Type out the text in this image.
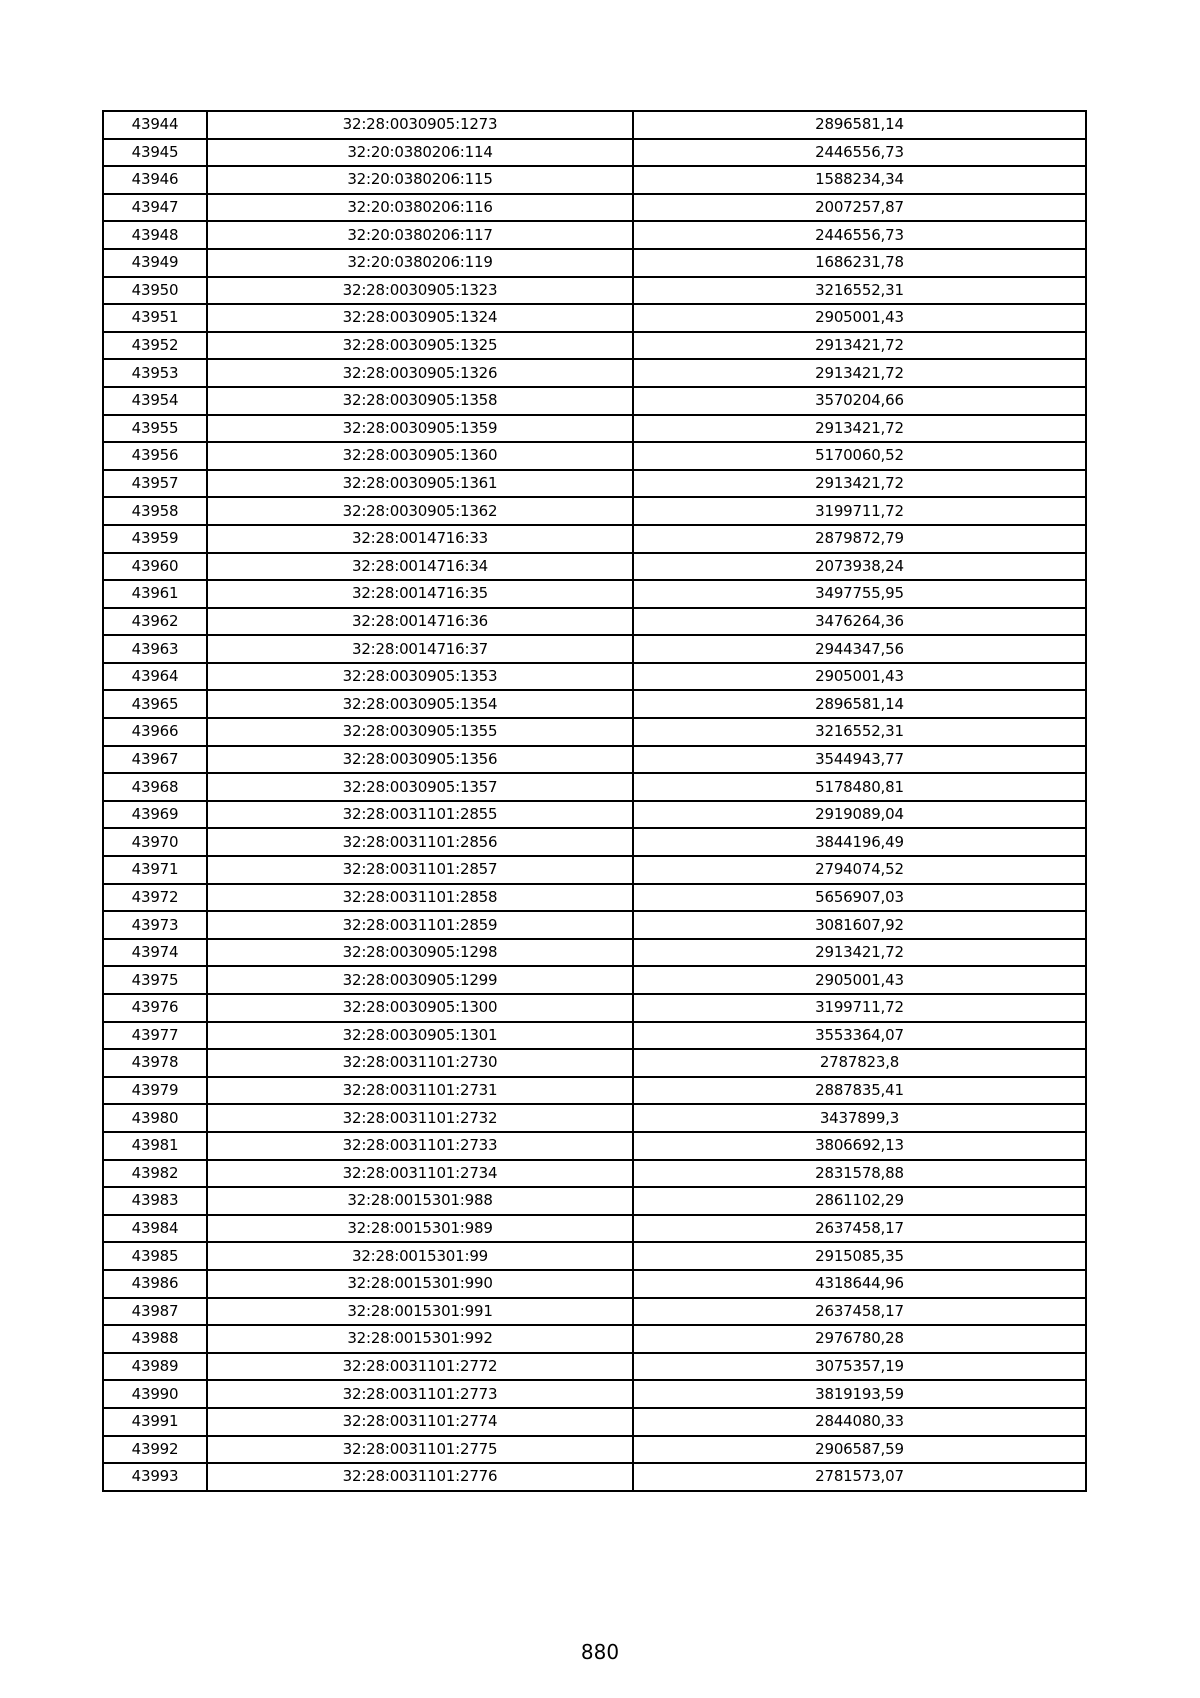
43944	32:28:0030905:1273	2896581,14
43945	32:20:0380206:114	2446556,73
43946	32:20:0380206:115	1588234,34
43947	32:20:0380206:116	2007257,87
43948	32:20:0380206:117	2446556,73
43949	32:20:0380206:119	1686231,78
43950	32:28:0030905:1323	3216552,31
43951	32:28:0030905:1324	2905001,43
43952	32:28:0030905:1325	2913421,72
43953	32:28:0030905:1326	2913421,72
43954	32:28:0030905:1358	3570204,66
43955	32:28:0030905:1359	2913421,72
43956	32:28:0030905:1360	5170060,52
43957	32:28:0030905:1361	2913421,72
43958	32:28:0030905:1362	3199711,72
43959	32:28:0014716:33	2879872,79
43960	32:28:0014716:34	2073938,24
43961	32:28:0014716:35	3497755,95
43962	32:28:0014716:36	3476264,36
43963	32:28:0014716:37	2944347,56
43964	32:28:0030905:1353	2905001,43
43965	32:28:0030905:1354	2896581,14
43966	32:28:0030905:1355	3216552,31
43967	32:28:0030905:1356	3544943,77
43968	32:28:0030905:1357	5178480,81
43969	32:28:0031101:2855	2919089,04
43970	32:28:0031101:2856	3844196,49
43971	32:28:0031101:2857	2794074,52
43972	32:28:0031101:2858	5656907,03
43973	32:28:0031101:2859	3081607,92
43974	32:28:0030905:1298	2913421,72
43975	32:28:0030905:1299	2905001,43
43976	32:28:0030905:1300	3199711,72
43977	32:28:0030905:1301	3553364,07
43978	32:28:0031101:2730	2787823,8
43979	32:28:0031101:2731	2887835,41
43980	32:28:0031101:2732	3437899,3
43981	32:28:0031101:2733	3806692,13
43982	32:28:0031101:2734	2831578,88
43983	32:28:0015301:988	2861102,29
43984	32:28:0015301:989	2637458,17
43985	32:28:0015301:99	2915085,35
43986	32:28:0015301:990	4318644,96
43987	32:28:0015301:991	2637458,17
43988	32:28:0015301:992	2976780,28
43989	32:28:0031101:2772	3075357,19
43990	32:28:0031101:2773	3819193,59
43991	32:28:0031101:2774	2844080,33
43992	32:28:0031101:2775	2906587,59
43993	32:28:0031101:2776	2781573,07
880
